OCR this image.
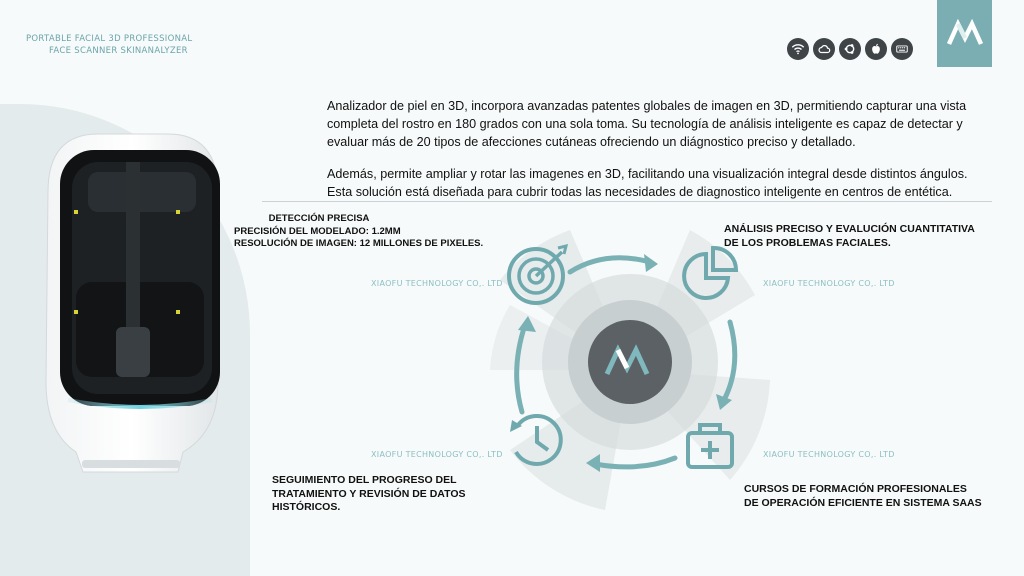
PORTABLE FACIAL 3D PROFESSIONAL
FACE SCANNER SKINANALYZER

Analizador de piel en 3D, incorpora avanzadas patentes globales de imagen en 3D, permitiendo capturar una vista completa del rostro en 180 grados con una sola toma. Su tecnología de análisis inteligente es capaz de detectar y evaluar más de 20 tipos de afecciones cutáneas ofreciendo un diágnostico preciso y detallado.

Además, permite ampliar y rotar las imagenes en 3D, facilitando una visualización integral desde distintos ángulos. Esta solución está diseñada para cubrir todas las necesidades de diagnostico inteligente en centros de entética.

DETECCIÓN PRECISA
PRECISIÓN DEL MODELADO: 1.2MM
RESOLUCIÓN DE IMAGEN: 12 MILLONES DE PIXELES.
ANÁLISIS PRECISO Y EVALUCIÓN CUANTITATIVA
DE LOS PROBLEMAS FACIALES.
SEGUIMIENTO DEL PROGRESO DEL
TRATAMIENTO Y REVISIÓN DE DATOS
HISTÓRICOS.
CURSOS DE FORMACIÓN PROFESIONALES
DE OPERACIÓN EFICIENTE EN SISTEMA SAAS
XIAOFU TECHNOLOGY CO,. LTD	XIAOFU TECHNOLOGY CO,. LTD
XIAOFU TECHNOLOGY CO,. LTD	XIAOFU TECHNOLOGY CO,. LTD
